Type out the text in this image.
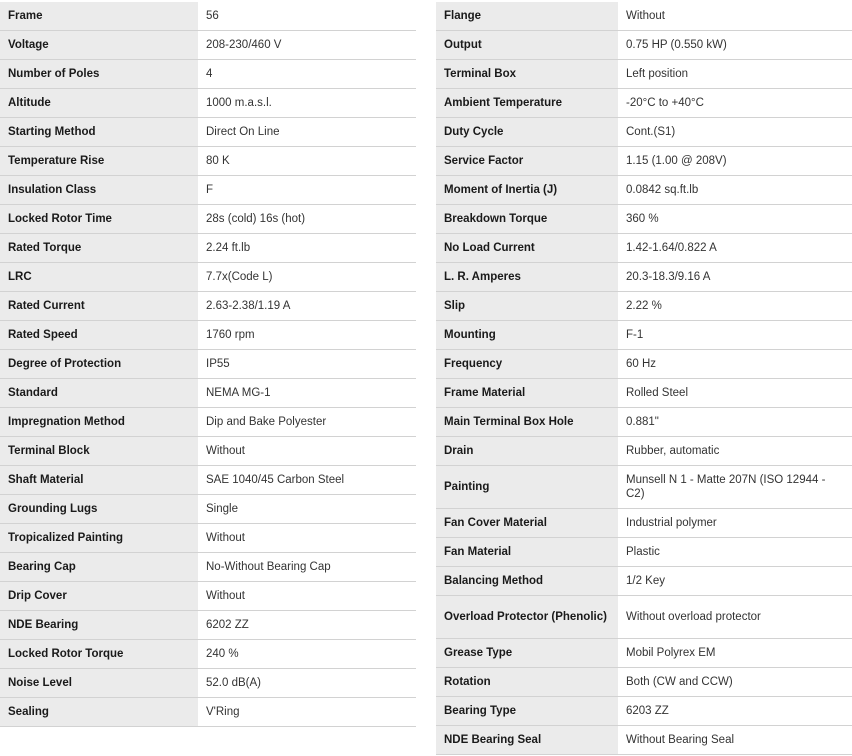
Frame	56
Voltage	208-230/460 V
Number of Poles	4
Altitude	1000 m.a.s.l.
Starting Method	Direct On Line
Temperature Rise	80 K
Insulation Class	F
Locked Rotor Time	28s (cold) 16s (hot)
Rated Torque	2.24 ft.lb
LRC	7.7x(Code L)
Rated Current	2.63-2.38/1.19 A
Rated Speed	1760 rpm
Degree of Protection	IP55
Standard	NEMA MG-1
Impregnation Method	Dip and Bake Polyester
Terminal Block	Without
Shaft Material	SAE 1040/45 Carbon Steel
Grounding Lugs	Single
Tropicalized Painting	Without
Bearing Cap	No-Without Bearing Cap
Drip Cover	Without
NDE Bearing	6202 ZZ
Locked Rotor Torque	240 %
Noise Level	52.0 dB(A)
Sealing	V'Ring
Flange	Without
Output	0.75 HP (0.550 kW)
Terminal Box	Left position
Ambient Temperature	-20°C to +40°C
Duty Cycle	Cont.(S1)
Service Factor	1.15 (1.00 @ 208V)
Moment of Inertia (J)	0.0842 sq.ft.lb
Breakdown Torque	360 %
No Load Current	1.42-1.64/0.822 A
L. R. Amperes	20.3-18.3/9.16 A
Slip	2.22 %
Mounting	F-1
Frequency	60 Hz
Frame Material	Rolled Steel
Main Terminal Box Hole	0.881"
Drain	Rubber, automatic
Painting	Munsell N 1 - Matte 207N (ISO 12944 - C2)
Fan Cover Material	Industrial polymer
Fan Material	Plastic
Balancing Method	1/2 Key
Overload Protector (Phenolic)	Without overload protector
Grease Type	Mobil Polyrex EM
Rotation	Both (CW and CCW)
Bearing Type	6203 ZZ
NDE Bearing Seal	Without Bearing Seal
